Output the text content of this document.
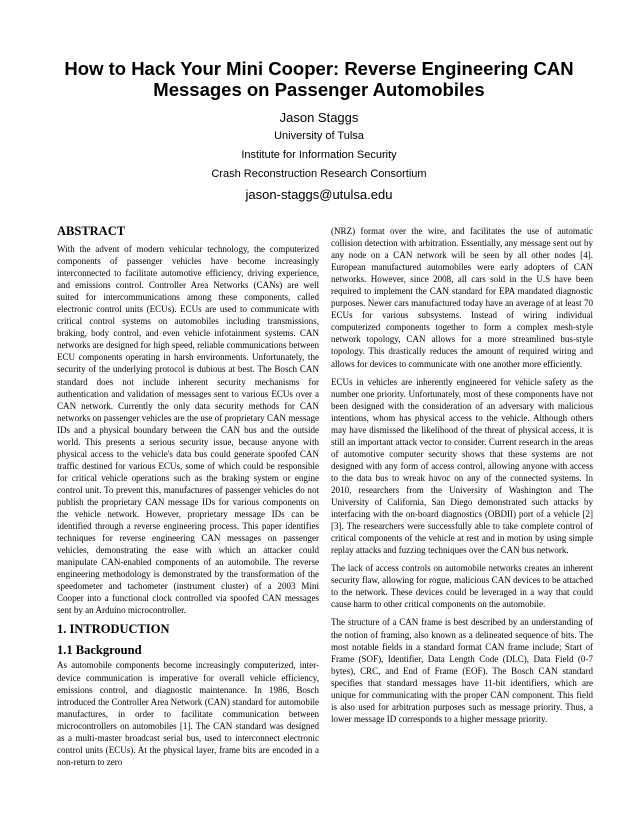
How to Hack Your Mini Cooper: Reverse Engineering CAN Messages on Passenger Automobiles
Jason Staggs
University of Tulsa
Institute for Information Security
Crash Reconstruction Research Consortium
jason-staggs@utulsa.edu
ABSTRACT

With the advent of modern vehicular technology, the computerized components of passenger vehicles have become increasingly interconnected to facilitate automotive efficiency, driving experience, and emissions control. Controller Area Networks (CANs) are well suited for intercommunications among these components, called electronic control units (ECUs). ECUs are used to communicate with critical control systems on automobiles including transmissions, braking, body control, and even vehicle infotainment systems. CAN networks are designed for high speed, reliable communications between ECU components operating in harsh environments. Unfortunately, the security of the underlying protocol is dubious at best. The Bosch CAN standard does not include inherent security mechanisms for authentication and validation of messages sent to various ECUs over a CAN network. Currently the only data security methods for CAN networks on passenger vehicles are the use of proprietary CAN message IDs and a physical boundary between the CAN bus and the outside world. This presents a serious security issue, because anyone with physical access to the vehicle's data bus could generate spoofed CAN traffic destined for various ECUs, some of which could be responsible for critical vehicle operations such as the braking system or engine control unit. To prevent this, manufactures of passenger vehicles do not publish the proprietary CAN message IDs for various components on the vehicle network. However, proprietary message IDs can be identified through a reverse engineering process. This paper identifies techniques for reverse engineering CAN messages on passenger vehicles, demonstrating the ease with which an attacker could manipulate CAN-enabled components of an automobile. The reverse engineering methodology is demonstrated by the transformation of the speedometer and tachometer (instrument cluster) of a 2003 Mini Cooper into a functional clock controlled via spoofed CAN messages sent by an Arduino microcontroller.

1. INTRODUCTION
1.1 Background

As automobile components become increasingly computerized, inter-device communication is imperative for overall vehicle efficiency, emissions control, and diagnostic maintenance. In 1986, Bosch introduced the Controller Area Network (CAN) standard for automobile manufactures, in order to facilitate communication between microcontrollers on automobiles [1]. The CAN standard was designed as a multi-master broadcast serial bus, used to interconnect electronic control units (ECUs). At the physical layer, frame bits are encoded in a non-return to zero

(NRZ) format over the wire, and facilitates the use of automatic collision detection with arbitration. Essentially, any message sent out by any node on a CAN network will be seen by all other nodes [4]. European manufactured automobiles were early adopters of CAN networks. However, since 2008, all cars sold in the U.S have been required to implement the CAN standard for EPA mandated diagnostic purposes. Newer cars manufactured today have an average of at least 70 ECUs for various subsystems. Instead of wiring individual computerized components together to form a complex mesh-style network topology, CAN allows for a more streamlined bus-style topology. This drastically reduces the amount of required wiring and allows for devices to communicate with one another more efficiently.

ECUs in vehicles are inherently engineered for vehicle safety as the number one priority. Unfortunately, most of these components have not been designed with the consideration of an adversary with malicious intentions, whom has physical access to the vehicle. Although others may have dismissed the likelihood of the threat of physical access, it is still an important attack vector to consider. Current research in the areas of automotive computer security shows that these systems are not designed with any form of access control, allowing anyone with access to the data bus to wreak havoc on any of the connected systems. In 2010, researchers from the University of Washington and The University of California, San Diego demonstrated such attacks by interfacing with the on-board diagnostics (OBDII) port of a vehicle [2][3]. The researchers were successfully able to take complete control of critical components of the vehicle at rest and in motion by using simple replay attacks and fuzzing techniques over the CAN bus network.

The lack of access controls on automobile networks creates an inherent security flaw, allowing for rogue, malicious CAN devices to be attached to the network. These devices could be leveraged in a way that could cause harm to other critical components on the automobile.

The structure of a CAN frame is best described by an understanding of the notion of framing, also known as a delineated sequence of bits. The most notable fields in a standard format CAN frame include; Start of Frame (SOF), Identifier, Data Length Code (DLC), Data Field (0-7 bytes), CRC, and End of Frame (EOF). The Bosch CAN standard specifies that standard messages have 11-bit identifiers, which are unique for communicating with the proper CAN component. This field is also used for arbitration purposes such as message priority. Thus, a lower message ID corresponds to a higher message priority.
